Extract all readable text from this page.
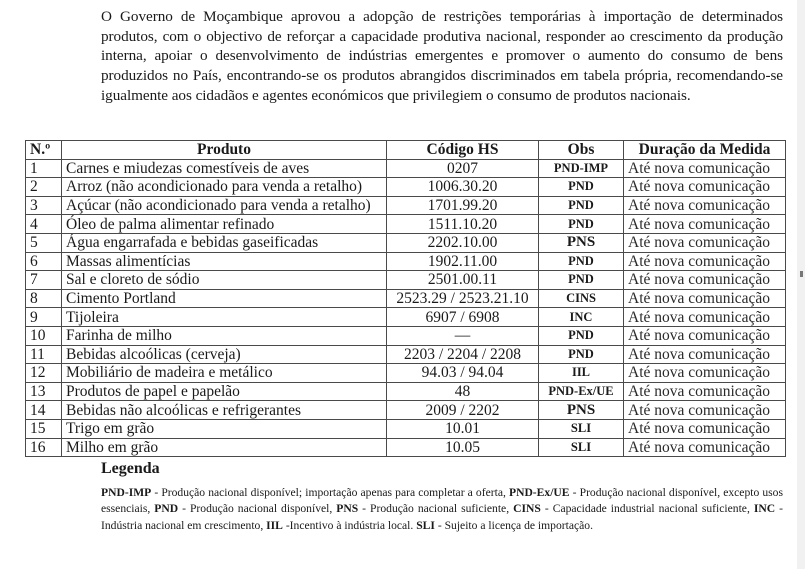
O Governo de Moçambique aprovou a adopção de restrições temporárias à importação de determinados produtos, com o objectivo de reforçar a capacidade produtiva nacional, responder ao crescimento da produção interna, apoiar o desenvolvimento de indústrias emergentes e promover o aumento do consumo de bens produzidos no País, encontrando-se os produtos abrangidos discriminados em tabela própria, recomendando-se igualmente aos cidadãos e agentes económicos que privilegiem o consumo de produtos nacionais.

N.º	Produto	Código HS	Obs	Duração da Medida
1	Carnes e miudezas comestíveis de aves	0207	PND-IMP	Até nova comunicação
2	Arroz (não acondicionado para venda a retalho)	1006.30.20	PND	Até nova comunicação
3	Açúcar (não acondicionado para venda a retalho)	1701.99.20	PND	Até nova comunicação
4	Óleo de palma alimentar refinado	1511.10.20	PND	Até nova comunicação
5	Água engarrafada e bebidas gaseificadas	2202.10.00	PNS	Até nova comunicação
6	Massas alimentícias	1902.11.00	PND	Até nova comunicação
7	Sal e cloreto de sódio	2501.00.11	PND	Até nova comunicação
8	Cimento Portland	2523.29 / 2523.21.10	CINS	Até nova comunicação
9	Tijoleira	6907 / 6908	INC	Até nova comunicação
10	Farinha de milho	—	PND	Até nova comunicação
11	Bebidas alcoólicas (cerveja)	2203 / 2204 / 2208	PND	Até nova comunicação
12	Mobiliário de madeira e metálico	94.03 / 94.04	IIL	Até nova comunicação
13	Produtos de papel e papelão	48	PND-Ex/UE	Até nova comunicação
14	Bebidas não alcoólicas e refrigerantes	2009 / 2202	PNS	Até nova comunicação
15	Trigo em grão	10.01	SLI	Até nova comunicação
16	Milho em grão	10.05	SLI	Até nova comunicação
Legenda
PND-IMP - Produção nacional disponível; importação apenas para completar a oferta, PND-Ex/UE - Produção nacional disponível, excepto usos essenciais, PND - Produção nacional disponível, PNS - Produção nacional suficiente, CINS - Capacidade industrial nacional suficiente, INC - Indústria nacional em crescimento, IIL -Incentivo à indústria local. SLI - Sujeito a licença de importação.
